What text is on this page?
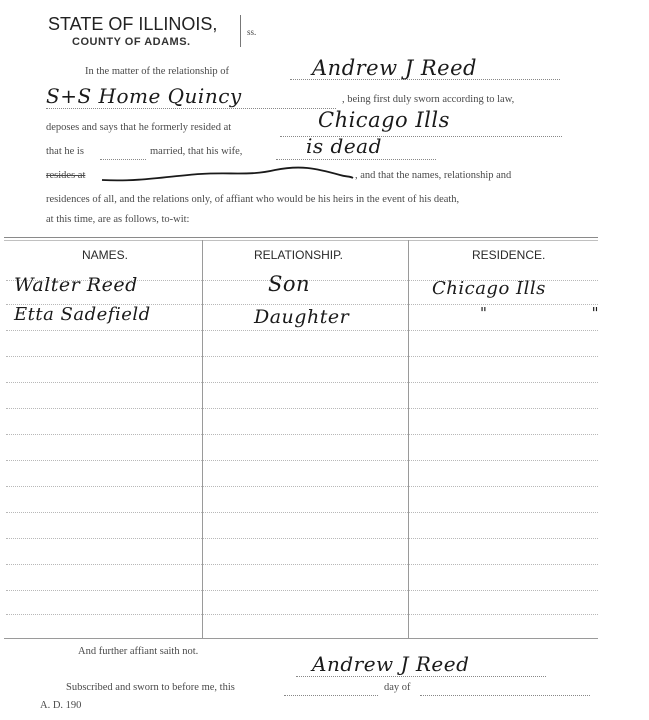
STATE OF ILLINOIS,
COUNTY OF ADAMS.
ss.
In the matter of the relationship of	Andrew J Reed
S+S Home Quincy	, being first duly sworn according to law,
deposes and says that he formerly resided at	Chicago Ills
that he is	married, that his wife,	is dead
resides at	, and that the names, relationship and
residences of all, and the relations only, of affiant who would be his heirs in the event of his death,
at this time, are as follows, to-wit:
NAMES.	RELATIONSHIP.	RESIDENCE.
Walter Reed	Son	Chicago Ills
Etta Sadefield	Daughter	" "
And further affiant saith not.
Andrew J Reed
Subscribed and sworn to before me, this	day of
A. D. 190
